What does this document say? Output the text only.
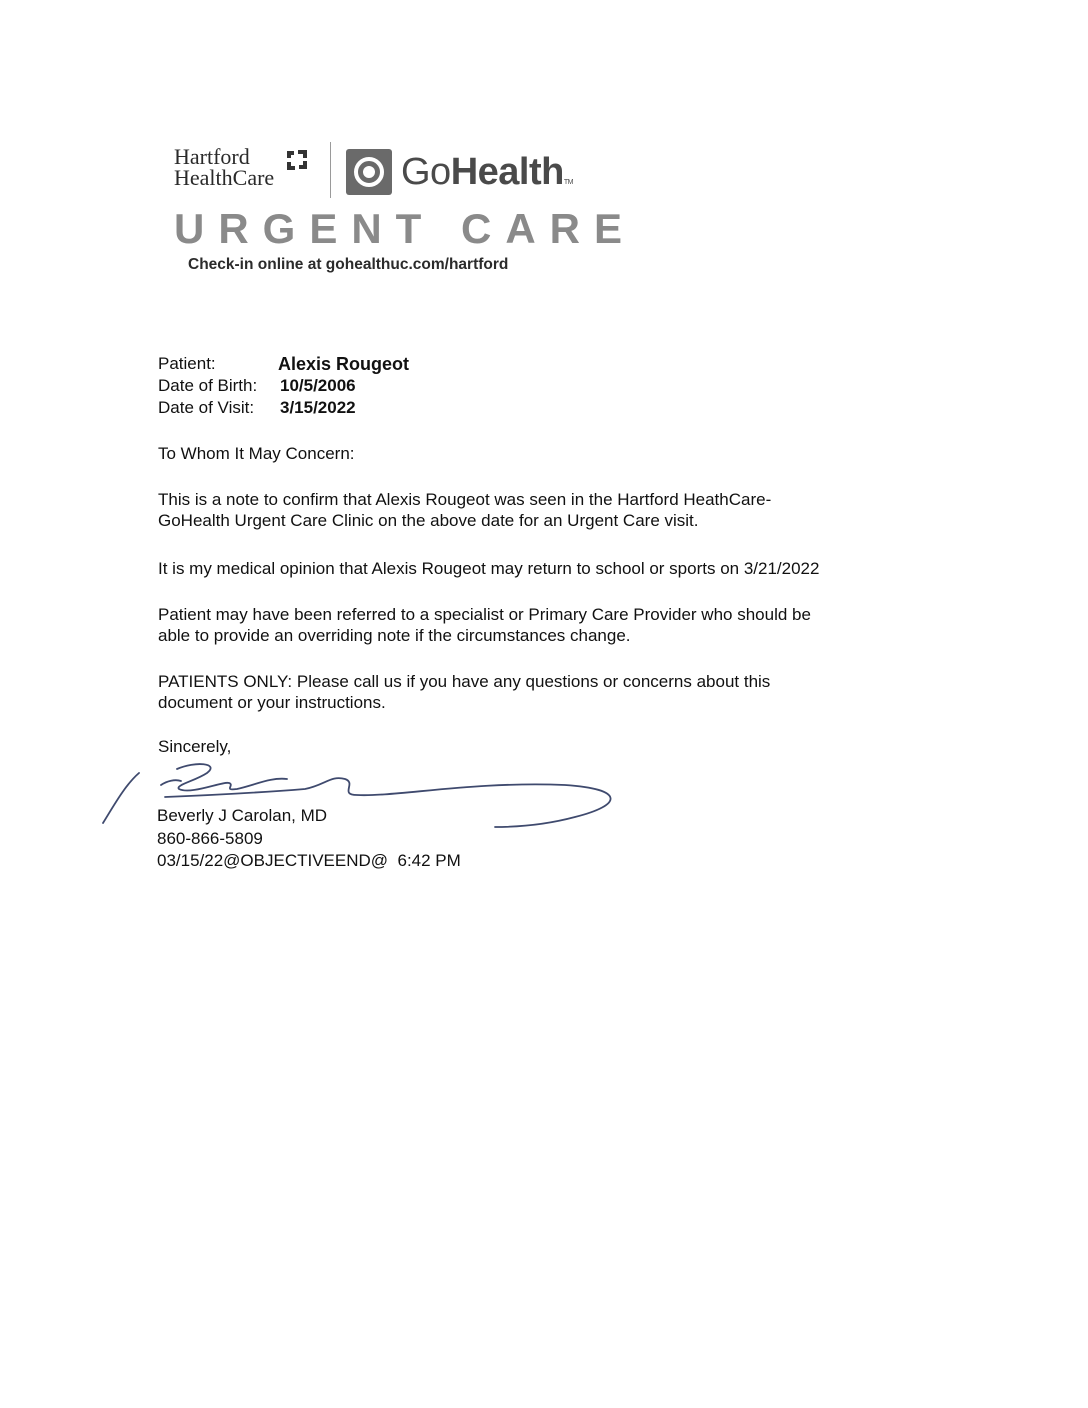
Hartford
HealthCare	GoHealthTM
URGENT CARE
Check-in online at gohealthuc.com/hartford
Patient:	Alexis Rougeot
Date of Birth: 10/5/2006
Date of Visit: 3/15/2022
To Whom It May Concern:

This is a note to confirm that Alexis Rougeot was seen in the Hartford HeathCare-

GoHealth Urgent Care Clinic on the above date for an Urgent Care visit.

It is my medical opinion that Alexis Rougeot may return to school or sports on 3/21/2022

Patient may have been referred to a specialist or Primary Care Provider who should be

able to provide an overriding note if the circumstances change.

PATIENTS ONLY: Please call us if you have any questions or concerns about this

document or your instructions.

Sincerely,
Beverly J Carolan, MD
860-866-5809
03/15/22@OBJECTIVEEND@  6:42 PM
